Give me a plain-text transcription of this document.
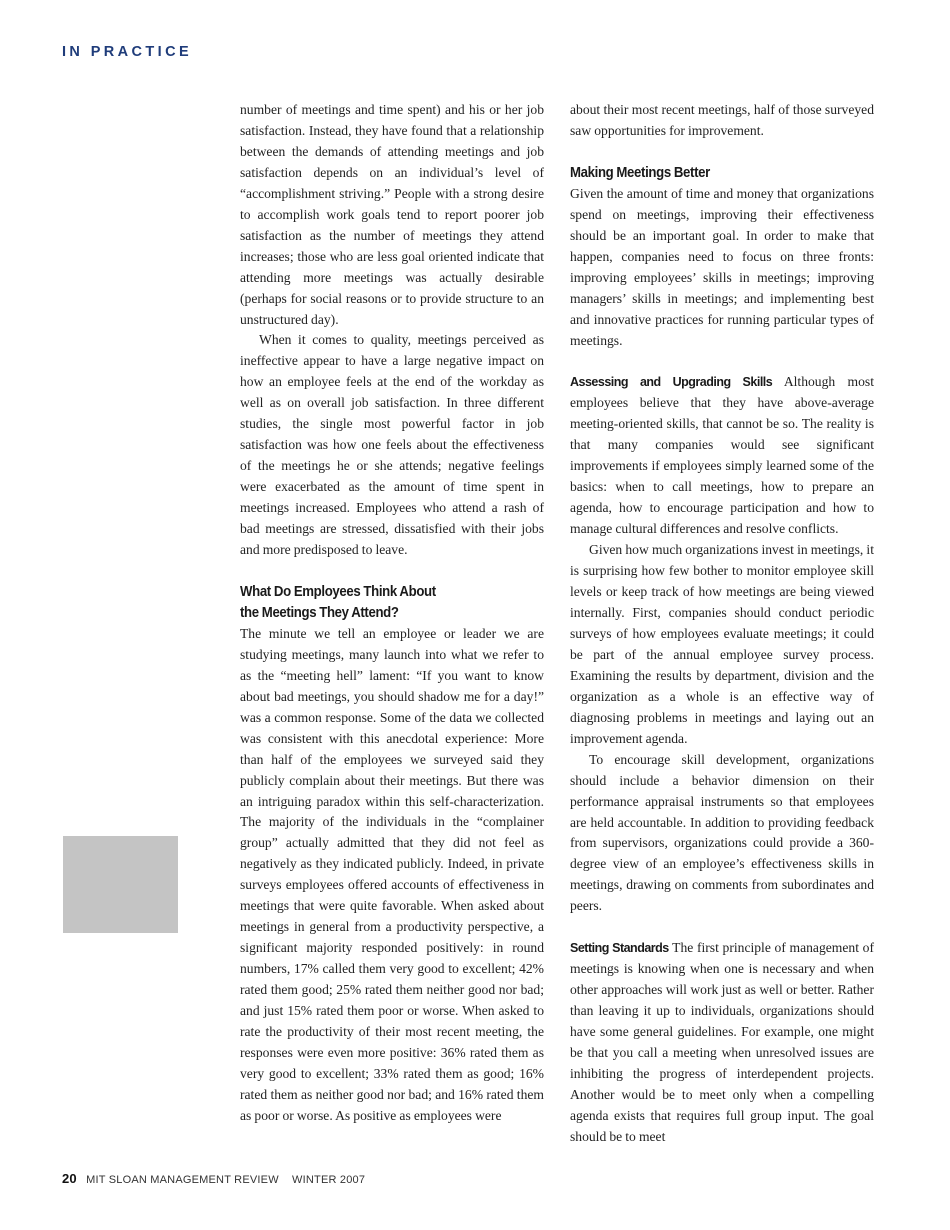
IN PRACTICE

number of meetings and time spent) and his or her job satisfaction. Instead, they have found that a relationship between the demands of attending meetings and job satisfaction depends on an individual’s level of “accomplishment striving.” People with a strong desire to accomplish work goals tend to report poorer job satisfaction as the number of meetings they attend increases; those who are less goal oriented indicate that attending more meetings was actually desirable (perhaps for social reasons or to provide structure to an unstructured day).

When it comes to quality, meetings perceived as ineffective appear to have a large negative impact on how an employee feels at the end of the workday as well as on overall job satisfaction. In three different studies, the single most powerful factor in job satisfaction was how one feels about the effectiveness of the meetings he or she attends; negative feelings were exacerbated as the amount of time spent in meetings increased. Employees who attend a rash of bad meetings are stressed, dissatisfied with their jobs and more predisposed to leave.

What Do Employees Think About
the Meetings They Attend?

The minute we tell an employee or leader we are studying meetings, many launch into what we refer to as the “meeting hell” lament: “If you want to know about bad meetings, you should shadow me for a day!” was a common response. Some of the data we collected was consistent with this anecdotal experience: More than half of the employees we surveyed said they publicly complain about their meetings. But there was an intriguing paradox within this self-characterization. The majority of the individuals in the “complainer group” actually admitted that they did not feel as negatively as they indicated publicly. Indeed, in private surveys employees offered accounts of effectiveness in meetings that were quite favorable. When asked about meetings in general from a productivity perspective, a significant majority responded positively: in round numbers, 17% called them very good to excellent; 42% rated them good; 25% rated them neither good nor bad; and just 15% rated them poor or worse. When asked to rate the productivity of their most recent meeting, the responses were even more positive: 36% rated them as very good to excellent; 33% rated them as good; 16% rated them as neither good nor bad; and 16% rated them as poor or worse. As positive as employees were

about their most recent meetings, half of those surveyed saw opportunities for improvement.

Making Meetings Better

Given the amount of time and money that organizations spend on meetings, improving their effectiveness should be an important goal. In order to make that happen, companies need to focus on three fronts: improving employees’ skills in meetings; improving managers’ skills in meetings; and implementing best and innovative practices for running particular types of meetings.

Assessing and Upgrading Skills Although most employees believe that they have above-average meeting-oriented skills, that cannot be so. The reality is that many companies would see significant improvements if employees simply learned some of the basics: when to call meetings, how to prepare an agenda, how to encourage participation and how to manage cultural differences and resolve conflicts.

Given how much organizations invest in meetings, it is surprising how few bother to monitor employee skill levels or keep track of how meetings are being viewed internally. First, companies should conduct periodic surveys of how employees evaluate meetings; it could be part of the annual employee survey process. Examining the results by department, division and the organization as a whole is an effective way of diagnosing problems in meetings and laying out an improvement agenda.

To encourage skill development, organizations should include a behavior dimension on their performance appraisal instruments so that employees are held accountable. In addition to providing feedback from supervisors, organizations could provide a 360-degree view of an employee’s effectiveness skills in meetings, drawing on comments from subordinates and peers.

Setting Standards The first principle of management of meetings is knowing when one is necessary and when other approaches will work just as well or better. Rather than leaving it up to individuals, organizations should have some general guidelines. For example, one might be that you call a meeting when unresolved issues are inhibiting the progress of interdependent projects. Another would be to meet only when a compelling agenda exists that requires full group input. The goal should be to meet

20 MIT SLOAN MANAGEMENT REVIEW WINTER 2007
